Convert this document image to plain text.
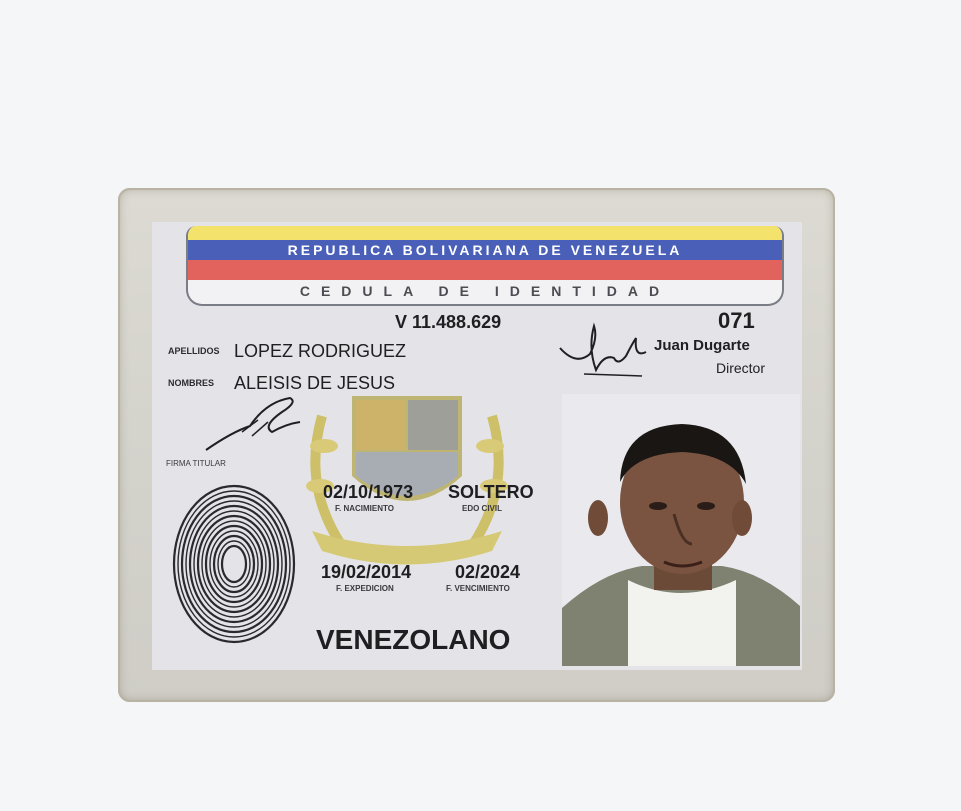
REPUBLICA BOLIVARIANA DE VENEZUELA
CEDULA DE IDENTIDAD
V 11.488.629	071
Juan Dugarte
Director
APELLIDOS LOPEZ RODRIGUEZ
NOMBRES ALEISIS DE JESUS
FIRMA TITULAR
02/10/1973
F. NACIMIENTO
SOLTERO
EDO CIVIL
19/02/2014
F. EXPEDICION
02/2024
F. VENCIMIENTO
VENEZOLANO
